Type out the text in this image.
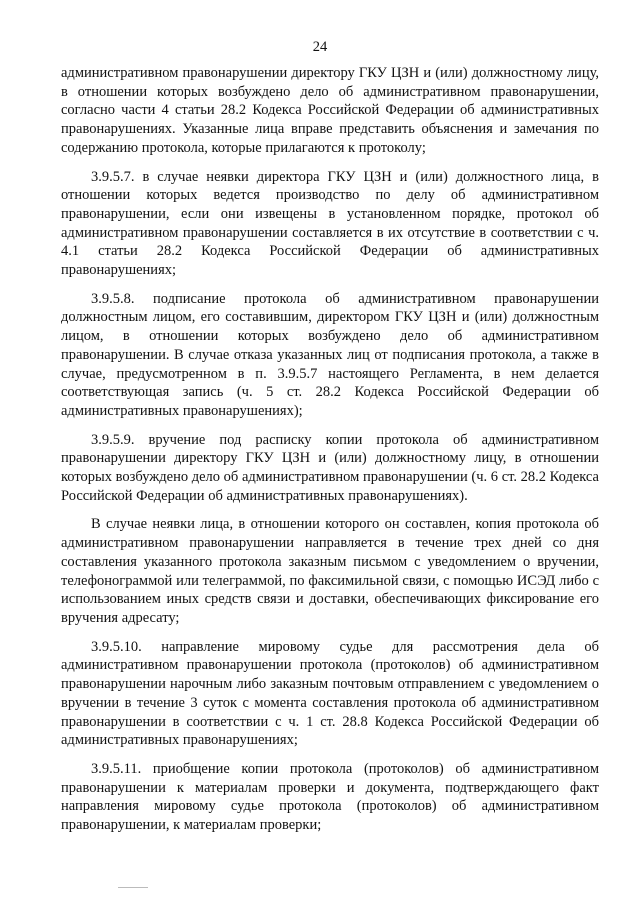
24

административном правонарушении директору ГКУ ЦЗН и (или) должностному лицу, в отношении которых возбуждено дело об административном правонарушении, согласно части 4 статьи 28.2 Кодекса Российской Федерации об административных правонарушениях. Указанные лица вправе представить объяснения и замечания по содержанию протокола, которые прилагаются к протоколу;

3.9.5.7. в случае неявки директора ГКУ ЦЗН и (или) должностного лица, в отношении которых ведется производство по делу об административном правонарушении, если они извещены в установленном порядке, протокол об административном правонарушении составляется в их отсутствие в соответствии с ч. 4.1 статьи 28.2 Кодекса Российской Федерации об административных правонарушениях;

3.9.5.8. подписание протокола об административном правонарушении должностным лицом, его составившим, директором ГКУ ЦЗН и (или) должностным лицом, в отношении которых возбуждено дело об административном правонарушении. В случае отказа указанных лиц от подписания протокола, а также в случае, предусмотренном в п. 3.9.5.7 настоящего Регламента, в нем делается соответствующая запись (ч. 5 ст. 28.2 Кодекса Российской Федерации об административных правонарушениях);

3.9.5.9. вручение под расписку копии протокола об административном правонарушении директору ГКУ ЦЗН и (или) должностному лицу, в отношении которых возбуждено дело об административном правонарушении (ч. 6 ст. 28.2 Кодекса Российской Федерации об административных правонарушениях).

В случае неявки лица, в отношении которого он составлен, копия протокола об административном правонарушении направляется в течение трех дней со дня составления указанного протокола заказным письмом с уведомлением о вручении, телефонограммой или телеграммой, по факсимильной связи, с помощью ИСЭД либо с использованием иных средств связи и доставки, обеспечивающих фиксирование его вручения адресату;

3.9.5.10. направление мировому судье для рассмотрения дела об административном правонарушении протокола (протоколов) об административном правонарушении нарочным либо заказным почтовым отправлением с уведомлением о вручении в течение 3 суток с момента составления протокола об административном правонарушении в соответствии с ч. 1 ст. 28.8 Кодекса Российской Федерации об административных правонарушениях;

3.9.5.11. приобщение копии протокола (протоколов) об административном правонарушении к материалам проверки и документа, подтверждающего факт направления мировому судье протокола (протоколов) об административном правонарушении, к материалам проверки;
